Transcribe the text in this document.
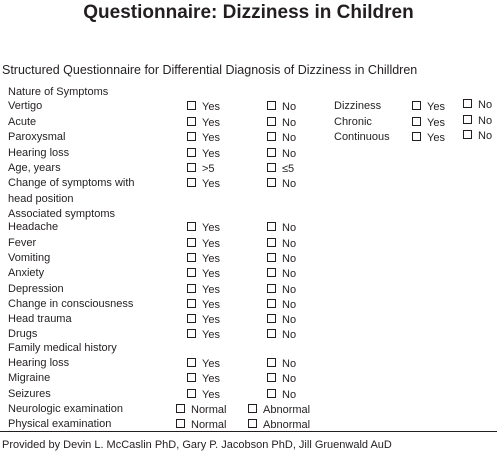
Questionnaire: Dizziness in Children
Structured Questionnaire for Differential Diagnosis of Dizziness in Chilldren
Nature of Symptoms
Associated symptoms
Family medical history
Vertigo	Yes	No
Acute	Yes	No
Paroxysmal	Yes	No
Hearing loss	Yes	No
Age, years	>5	≤5
Change of symptoms with
head position
Yes	No
Headache	Yes	No
Fever	Yes	No
Vomiting	Yes	No
Anxiety	Yes	No
Depression	Yes	No
Change in consciousness	Yes	No
Head trauma	Yes	No
Drugs	Yes	No
Hearing loss	Yes	No
Migraine	Yes	No
Seizures	Yes	No
Neurologic examination	Normal	Abnormal
Physical examination	Normal	Abnormal
Dizziness	Yes	No
Chronic	Yes	No
Continuous	Yes	No
Provided by Devin L. McCaslin PhD, Gary P. Jacobson PhD, Jill Gruenwald AuD
